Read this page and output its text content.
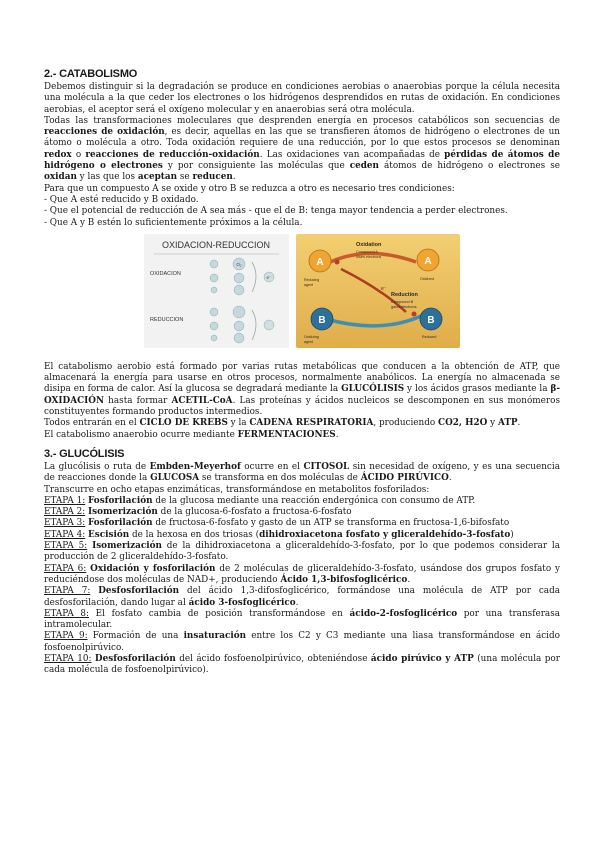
2.- CATABOLISMO

Debemos distinguir si la degradación se produce en condiciones aerobias o anaerobias porque la célula necesita una molécula a la que ceder los electrones o los hidrógenos desprendidos en rutas de oxidación. En condiciones aerobias, el aceptor será el oxígeno molecular y en anaerobias será otra molécula.

Todas las transformaciones moleculares que desprenden energía en procesos catabólicos son secuencias de reacciones de oxidación, es decir, aquellas en las que se transfieren átomos de hidrógeno o electrones de un átomo o molécula a otro. Toda oxidación requiere de una reducción, por lo que estos procesos se denominan redox o reacciones de reducción-oxidación. Las oxidaciones van acompañadas de pérdidas de átomos de hidrógeno o electrones y por consiguiente las moléculas que ceden átomos de hidrógeno o electrones se oxidan y las que los aceptan se reducen.

Para que un compuesto A se oxide y otro B se reduzca a otro es necesario tres condiciones:

- Que A esté reducido y B oxidado.

- Que el potencial de reducción de A sea más - que el de B: tenga mayor tendencia a perder electrones.

- Que A y B estén lo suficientemente próximos a la célula.

OXIDACION-REDUCCION
OXIDACION
REDUCCION
O₂
e⁻
A	A
B	B
e⁻
Oxidation
Compound A
loses electrons
Reduction
Compound B
gains electrons
Reducing
agent
Oxidizing
agent
Oxidized
Reduced

El catabolismo aerobio está formado por varias rutas metabólicas que conducen a la obtención de ATP, que almacenará la energía para usarse en otros procesos, normalmente anabólicos. La energía no almacenada se disipa en forma de calor. Así la glucosa se degradará mediante la GLUCÓLISIS y los ácidos grasos mediante la β-OXIDACIÓN hasta formar ACETIL-CoA. Las proteínas y ácidos nucleicos se descomponen en sus monómeros constituyentes formando productos intermedios.

Todos entrarán en el CICLO DE KREBS y la CADENA RESPIRATORIA, produciendo CO2, H2O y ATP.

El catabolismo anaerobio ocurre mediante FERMENTACIONES.

3.- GLUCÓLISIS

La glucólisis o ruta de Embden-Meyerhof ocurre en el CITOSOL sin necesidad de oxígeno, y es una secuencia de reacciones donde la GLUCOSA se transforma en dos moléculas de ÁCIDO PIRÚVICO.

Transcurre en ocho etapas enzimáticas, transformándose en metabolitos fosforilados:

ETAPA 1: Fosforilación de la glucosa mediante una reacción endergónica con consumo de ATP.

ETAPA 2: Isomerización de la glucosa-6-fosfato a fructosa-6-fosfato

ETAPA 3: Fosforilación de fructosa-6-fosfato y gasto de un ATP se transforma en fructosa-1,6-bifosfato

ETAPA 4: Escisión de la hexosa en dos triosas (dihidroxiacetona fosfato y gliceraldehído-3-fosfato)

ETAPA 5: Isomerización de la dihidroxiacetona a gliceraldehído-3-fosfato, por lo que podemos considerar la producción de 2 gliceraldehído-3-fosfato.

ETAPA 6: Oxidación y fosforilación de 2 moléculas de gliceraldehído-3-fosfato, usándose dos grupos fosfato y reduciéndose dos moléculas de NAD+, produciendo Ácido 1,3-bifosfoglicérico.

ETAPA 7: Desfosforilación del ácido 1,3-difosfoglicérico, formándose una molécula de ATP por cada desfosforilación, dando lugar al ácido 3-fosfoglicérico.

ETAPA 8: El fosfato cambia de posición transformándose en ácido-2-fosfoglicérico por una transferasa intramolecular.

ETAPA 9: Formación de una insaturación entre los C2 y C3 mediante una liasa transformándose en ácido fosfoenolpirúvico.

ETAPA 10: Desfosforilación del ácido fosfoenolpirúvico, obteniéndose ácido pirúvico y ATP (una molécula por cada molécula de fosfoenolpirúvico).
